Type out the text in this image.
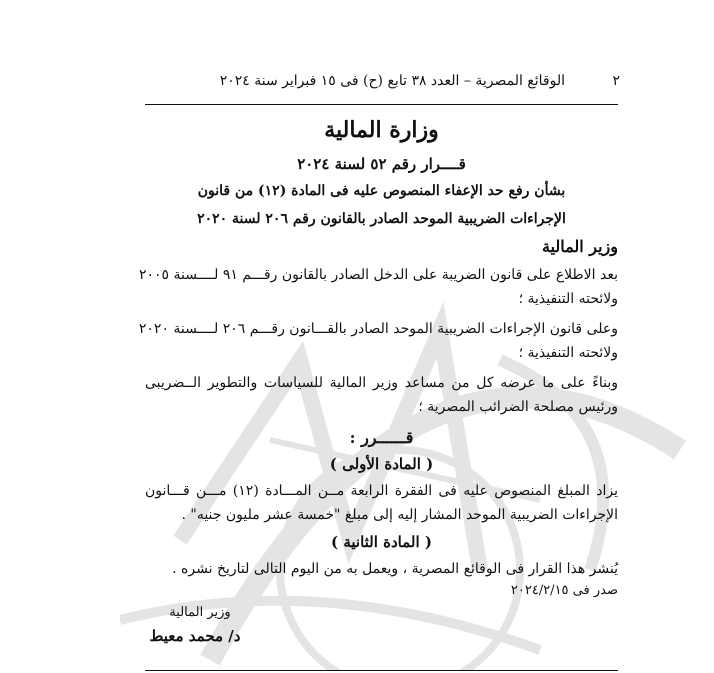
٢
الوقائع المصرية – العدد ٣٨ تابع (ح) فى ١٥ فبراير سنة ٢٠٢٤
وزارة المالية
قــــرار رقم ٥٢ لسنة ٢٠٢٤
بشأن رفع حد الإعفاء المنصوص عليه فى المادة (١٢) من قانون
الإجراءات الضريبية الموحد الصادر بالقانون رقم ٢٠٦ لسنة ٢٠٢٠
وزير المالية
بعد الاطلاع على قانون الضريبة على الدخل الصادر بالقانون رقـــم ٩١ لــــسنة ٢٠٠٥
ولائحته التنفيذية ؛
وعلى قانون الإجراءات الضريبية الموحد الصادر بالقـــانون رقـــم ٢٠٦ لــــسنة ٢٠٢٠
ولائحته التنفيذية ؛
وبناءً على ما عرضه كل من مساعد وزير المالية للسياسات والتطوير الــضريبى
ورئيس مصلحة الضرائب المصرية ؛
قــــــرر :
( المادة الأولى )
يزاد المبلغ المنصوص عليه فى الفقرة الرابعة مــن المـــادة (١٢) مـــن قـــانون
الإجراءات الضريبية الموحد المشار إليه إلى مبلغ "خمسة عشر مليون جنيه" .
( المادة الثانية )
يُنشر هذا القرار فى الوقائع المصرية ، ويعمل به من اليوم التالى لتاريخ نشره .
صدر فى ٢٠٢٤/٢/١٥
وزير المالية
د/ محمد معيط
